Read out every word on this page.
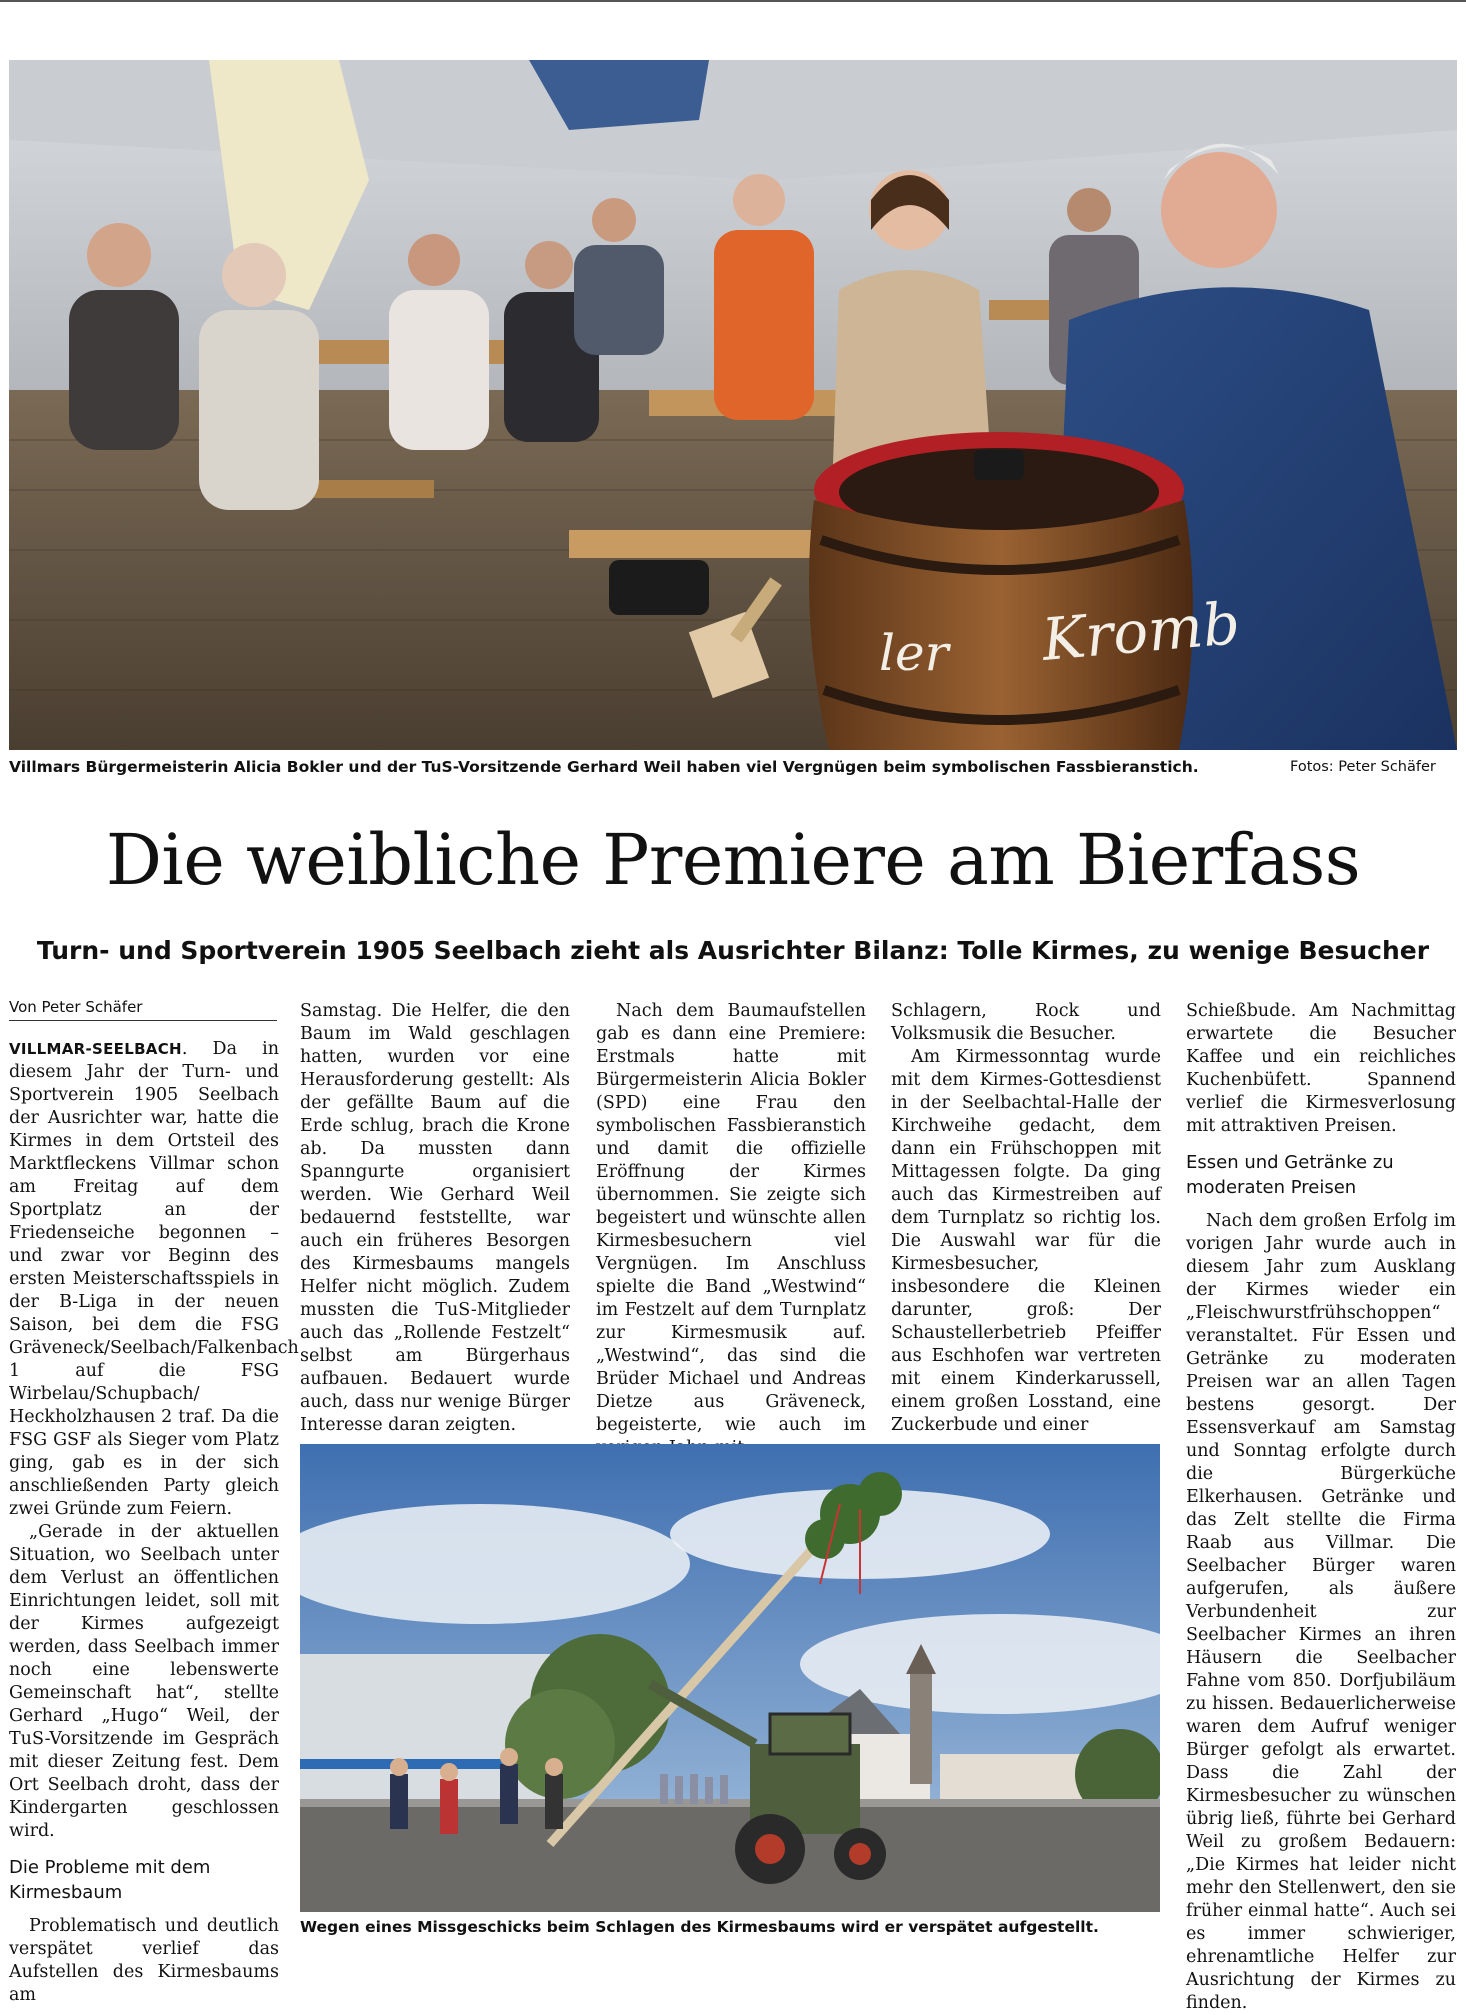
Kromb
ler
Villmars Bürgermeisterin Alicia Bokler und der TuS-Vorsitzende Gerhard Weil haben viel Vergnügen beim symbolischen Fassbieranstich.	Fotos: Peter Schäfer
Die weibliche Premiere am Bierfass
Turn- und Sportverein 1905 Seelbach zieht als Ausrichter Bilanz: Tolle Kirmes, zu wenige Besucher
Von Peter Schäfer

VILLMAR-SEELBACH. Da in diesem Jahr der Turn- und Sportverein 1905 Seelbach der Ausrichter war, hatte die Kirmes in dem Ortsteil des Marktfleckens Villmar schon am Freitag auf dem Sportplatz an der Friedenseiche begonnen – und zwar vor Beginn des ersten Meisterschaftsspiels in der B-Liga in der neuen Saison, bei dem die FSG Gräveneck/Seelbach/Falkenbach 1 auf die FSG Wirbelau/Schupbach/ Heckholzhausen 2 traf. Da die FSG GSF als Sieger vom Platz ging, gab es in der sich anschließenden Party gleich zwei Gründe zum Feiern.

„Gerade in der aktuellen Situation, wo Seelbach unter dem Verlust an öffentlichen Einrichtungen leidet, soll mit der Kirmes aufgezeigt werden, dass Seelbach immer noch eine lebenswerte Gemeinschaft hat“, stellte Gerhard „Hugo“ Weil, der TuS-Vorsitzende im Gespräch mit dieser Zeitung fest. Dem Ort Seelbach droht, dass der Kindergarten geschlossen wird.

Die Probleme mit dem Kirmesbaum

Problematisch und deutlich verspätet verlief das Aufstellen des Kirmesbaums am

Samstag. Die Helfer, die den Baum im Wald geschlagen hatten, wurden vor eine Herausforderung gestellt: Als der gefällte Baum auf die Erde schlug, brach die Krone ab. Da mussten dann Spanngurte organisiert werden. Wie Gerhard Weil bedauernd feststellte, war auch ein früheres Besorgen des Kirmesbaums mangels Helfer nicht möglich. Zudem mussten die TuS-Mitglieder auch das „Rollende Festzelt“ selbst am Bürgerhaus aufbauen. Bedauert wurde auch, dass nur wenige Bürger Interesse daran zeigten.

Nach dem Baumaufstellen gab es dann eine Premiere: Erstmals hatte mit Bürgermeisterin Alicia Bokler (SPD) eine Frau den symbolischen Fassbieranstich und damit die offizielle Eröffnung der Kirmes übernommen. Sie zeigte sich begeistert und wünschte allen Kirmesbesuchern viel Vergnügen. Im Anschluss spielte die Band „Westwind“ im Festzelt auf dem Turnplatz zur Kirmesmusik auf. „Westwind“, das sind die Brüder Michael und Andreas Dietze aus Gräveneck, begeisterte, wie auch im

Schlagern, Rock und Volksmusik die Besucher.

Am Kirmessonntag wurde mit dem Kirmes-Gottesdienst in der Seelbachtal-Halle der Kirchweihe gedacht, dem dann ein Frühschoppen mit Mittagessen folgte. Da ging auch das Kirmestreiben auf dem Turnplatz so richtig los. Die Auswahl war für die Kirmesbesucher, insbesondere die Kleinen darunter, groß: Der Schaustellerbetrieb Pfeiffer aus Eschhofen war vertreten mit einem Kinderkarussell, einem großen Losstand, eine Zuckerbude und einer

Schießbude. Am Nachmittag erwartete die Besucher Kaffee und ein reichliches Kuchenbüfett. Spannend verlief die Kirmesverlosung mit attraktiven Preisen.

Essen und Getränke zu moderaten Preisen

Nach dem großen Erfolg im vorigen Jahr wurde auch in diesem Jahr zum Ausklang der Kirmes wieder ein „Fleischwurstfrühschoppen“ veranstaltet. Für Essen und Getränke zu moderaten Preisen war an allen Tagen bestens gesorgt. Der Essensverkauf am Samstag und Sonntag erfolgte durch die Bürgerküche Elkerhausen. Getränke und das Zelt stellte die Firma Raab aus Villmar. Die Seelbacher Bürger waren aufgerufen, als äußere Verbundenheit zur Seelbacher Kirmes an ihren Häusern die Seelbacher Fahne vom 850. Dorfjubiläum zu hissen. Bedauerlicherweise waren dem Aufruf weniger Bürger gefolgt als erwartet. Dass die Zahl der Kirmesbesucher zu wünschen übrig ließ, führte bei Gerhard Weil zu großem Bedauern: „Die Kirmes hat leider nicht mehr den Stellenwert, den sie früher einmal hatte“. Auch sei es immer schwieriger, ehrenamtliche Helfer zur Ausrichtung der Kirmes zu finden.

Wegen eines Missgeschicks beim Schlagen des Kirmesbaums wird er verspätet aufgestellt.
